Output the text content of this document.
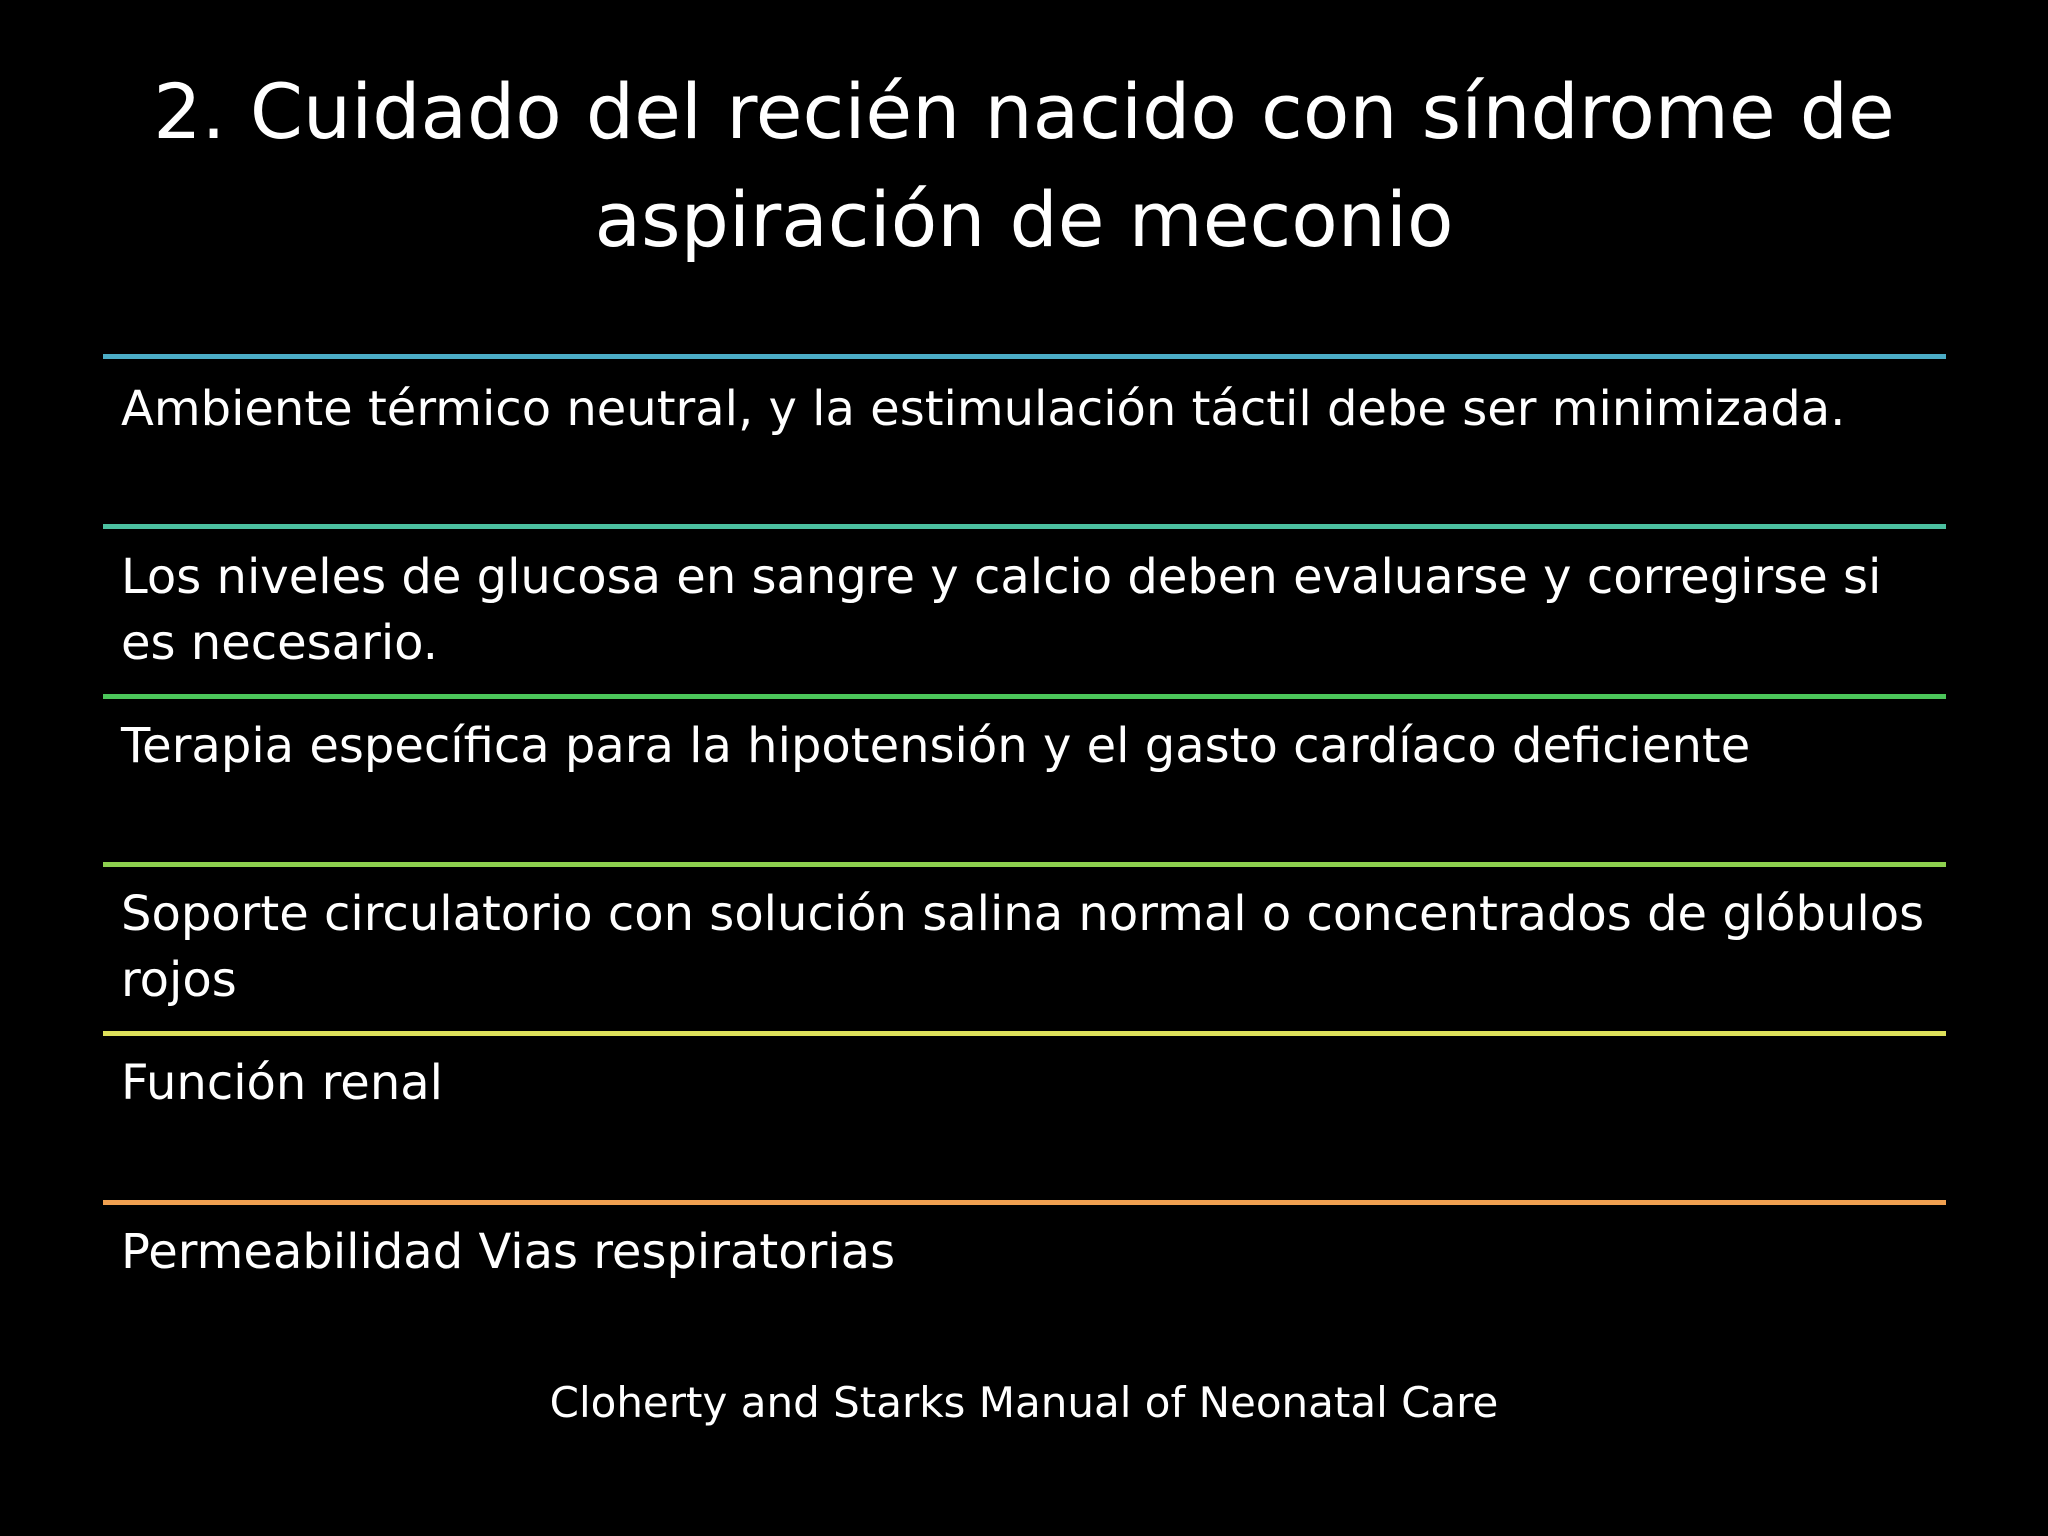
2. Cuidado del recién nacido con síndrome de aspiración de meconio

Ambiente térmico neutral, y la estimulación táctil debe ser minimizada.

Los niveles de glucosa en sangre y calcio deben evaluarse y corregirse si es necesario.

Terapia específica para la hipotensión y el gasto cardíaco deficiente

Soporte circulatorio con solución salina normal o concentrados de glóbulos rojos

Función renal

Permeabilidad Vias respiratorias

Cloherty and Starks Manual of Neonatal Care
